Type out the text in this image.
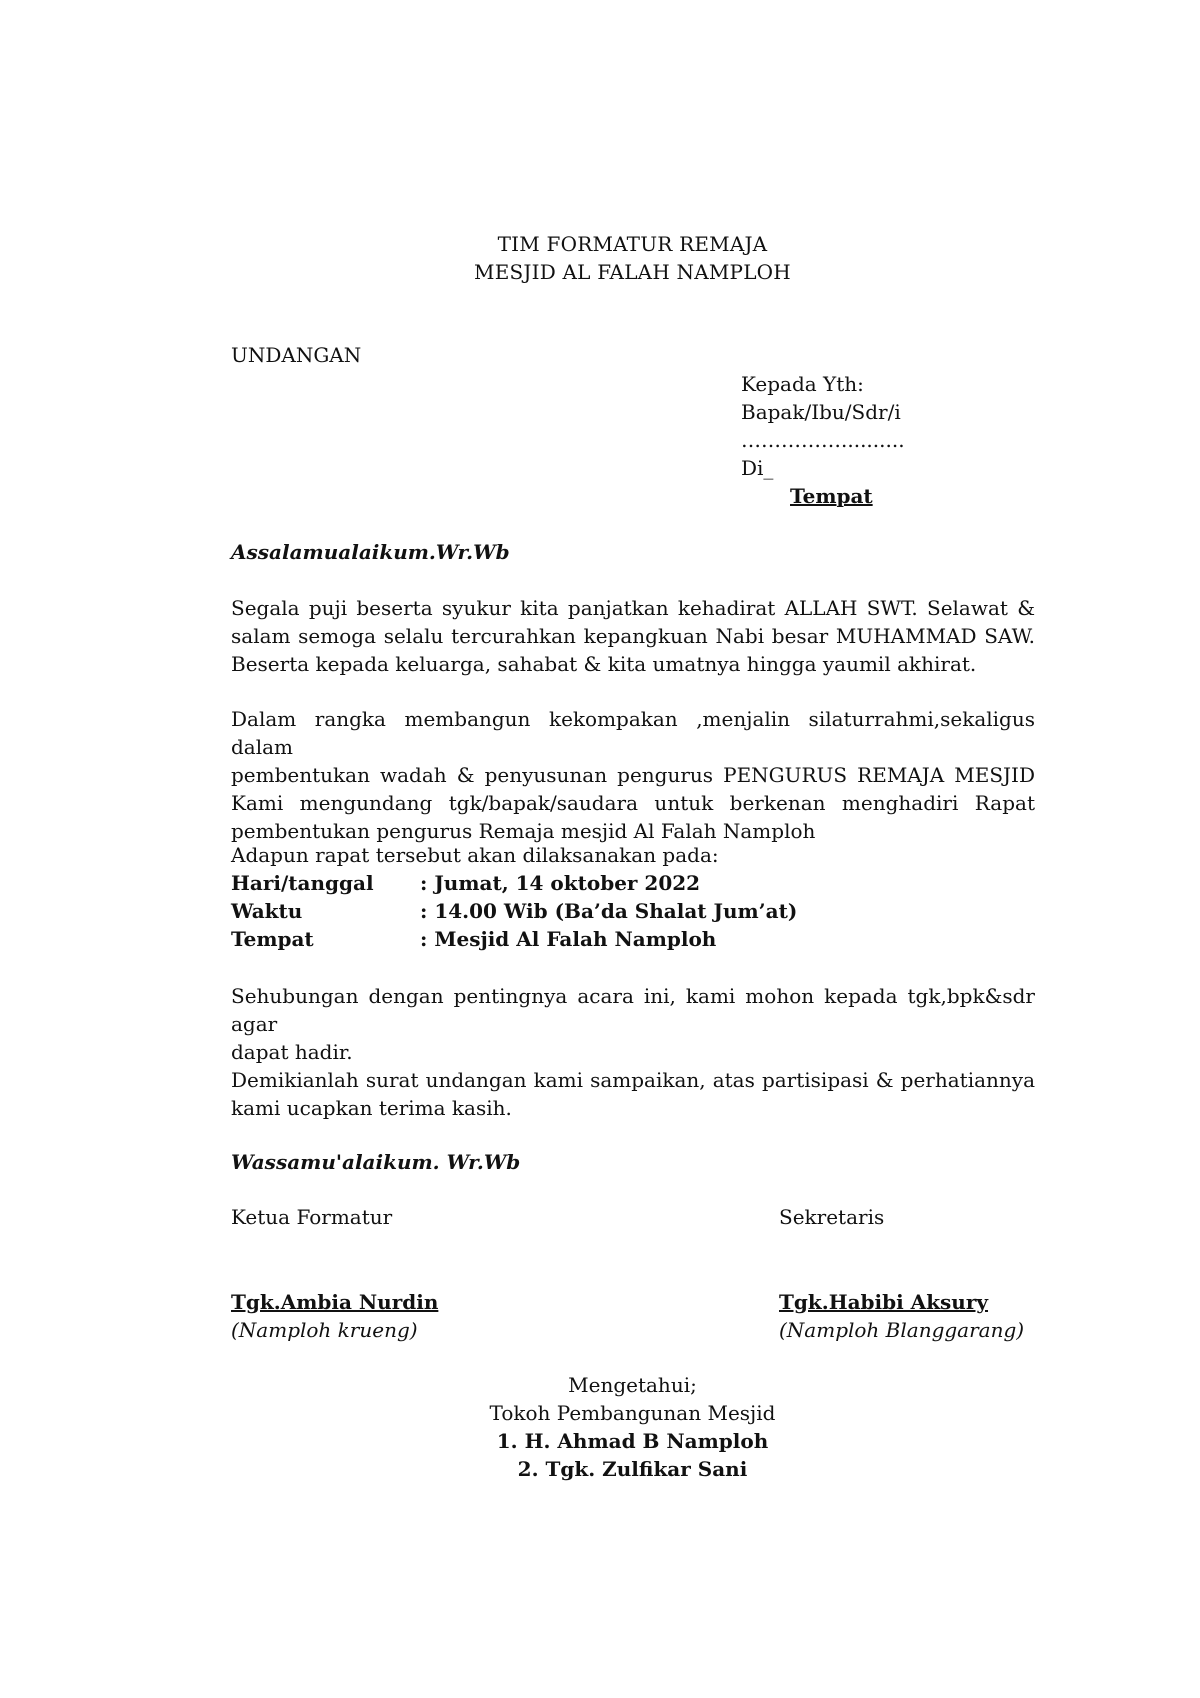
TIM FORMATUR REMAJA
MESJID AL FALAH NAMPLOH
UNDANGAN
Kepada Yth:
Bapak/Ibu/Sdr/i
……………..........
Di_
Tempat
Assalamualaikum.Wr.Wb
Segala puji beserta syukur kita panjatkan kehadirat ALLAH SWT. Selawat &
salam semoga selalu tercurahkan kepangkuan Nabi besar MUHAMMAD SAW.
Beserta kepada keluarga, sahabat & kita umatnya hingga yaumil akhirat.
Dalam rangka membangun kekompakan ,menjalin silaturrahmi,sekaligus dalam
pembentukan wadah & penyusunan pengurus PENGURUS REMAJA MESJID
Kami mengundang tgk/bapak/saudara untuk berkenan menghadiri Rapat
pembentukan pengurus Remaja mesjid Al Falah Namploh
Adapun rapat tersebut akan dilaksanakan pada:
Hari/tanggal : Jumat, 14 oktober 2022
Waktu	: 14.00 Wib (Ba’da Shalat Jum’at)
Tempat	: Mesjid Al Falah Namploh
Sehubungan dengan pentingnya acara ini, kami mohon kepada tgk,bpk&sdr agar
dapat hadir.
Demikianlah surat undangan kami sampaikan, atas partisipasi & perhatiannya
kami ucapkan terima kasih.
Wassamu'alaikum. Wr.Wb
Ketua Formatur	Sekretaris
Tgk.Ambia Nurdin	Tgk.Habibi Aksury
(Namploh krueng)	(Namploh Blanggarang)
Mengetahui;
Tokoh Pembangunan Mesjid
1. H. Ahmad B Namploh
2. Tgk. Zulfikar Sani
